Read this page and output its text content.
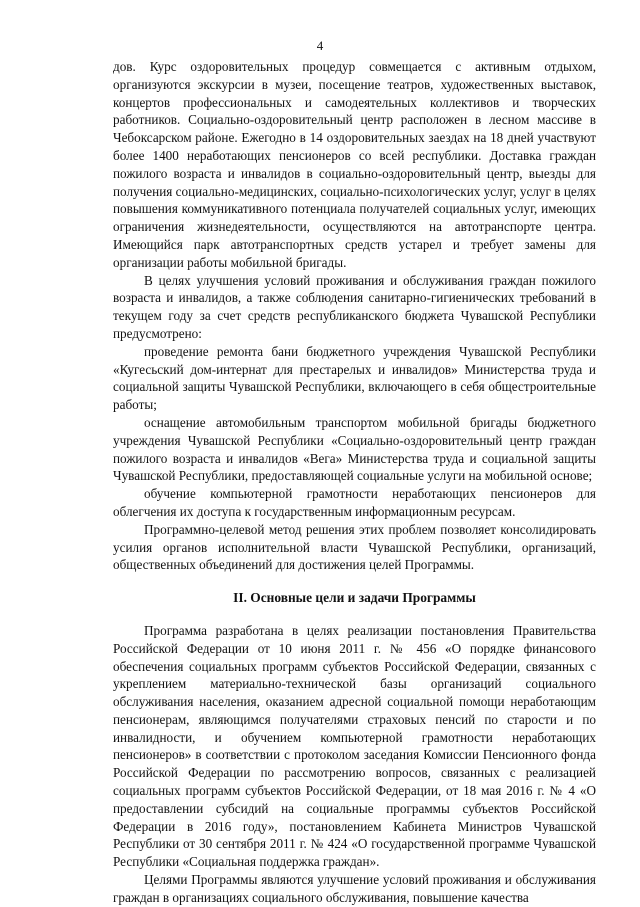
4

дов. Курс оздоровительных процедур совмещается с активным отдыхом, организуются экскурсии в музеи, посещение театров, художественных выставок, концертов профессиональных и самодеятельных коллективов и творческих работников. Социально-оздоровительный центр расположен в лесном массиве в Чебоксарском районе. Ежегодно в 14 оздоровительных заездах на 18 дней участвуют более 1400 неработающих пенсионеров со всей республики. Доставка граждан пожилого возраста и инвалидов в социально-оздоровительный центр, выезды для получения социально-медицинских, социально-психологических услуг, услуг в целях повышения коммуникативного потенциала получателей социальных услуг, имеющих ограничения жизнедеятельности, осуществляются на автотранспорте центра. Имеющийся парк автотранспортных средств устарел и требует замены для организации работы мобильной бригады.

В целях улучшения условий проживания и обслуживания граждан пожилого возраста и инвалидов, а также соблюдения санитарно-гигиенических требований в текущем году за счет средств республиканского бюджета Чувашской Республики предусмотрено:

проведение ремонта бани бюджетного учреждения Чувашской Республики «Кугесьский дом-интернат для престарелых и инвалидов» Министерства труда и социальной защиты Чувашской Республики, включающего в себя общестроительные работы;

оснащение автомобильным транспортом мобильной бригады бюджетного учреждения Чувашской Республики «Социально-оздоровительный центр граждан пожилого возраста и инвалидов «Вега» Министерства труда и социальной защиты Чувашской Республики, предоставляющей социальные услуги на мобильной основе;

обучение компьютерной грамотности неработающих пенсионеров для облегчения их доступа к государственным информационным ресурсам.

Программно-целевой метод решения этих проблем позволяет консолидировать усилия органов исполнительной власти Чувашской Республики, организаций, общественных объединений для достижения целей Программы.

II. Основные цели и задачи Программы

Программа разработана в целях реализации постановления Правительства Российской Федерации от 10 июня 2011 г. № 456 «О порядке финансового обеспечения социальных программ субъектов Российской Федерации, связанных с укреплением материально-технической базы организаций социального обслуживания населения, оказанием адресной социальной помощи неработающим пенсионерам, являющимся получателями страховых пенсий по старости и по инвалидности, и обучением компьютерной грамотности неработающих пенсионеров» в соответствии с протоколом заседания Комиссии Пенсионного фонда Российской Федерации по рассмотрению вопросов, связанных с реализацией социальных программ субъектов Российской Федерации, от 18 мая 2016 г. № 4 «О предоставлении субсидий на социальные программы субъектов Российской Федерации в 2016 году», постановлением Кабинета Министров Чувашской Республики от 30 сентября 2011 г. № 424 «О государственной программе Чувашской Республики «Социальная поддержка граждан».

Целями Программы являются улучшение условий проживания и обслуживания граждан в организациях социального обслуживания, повышение качества
